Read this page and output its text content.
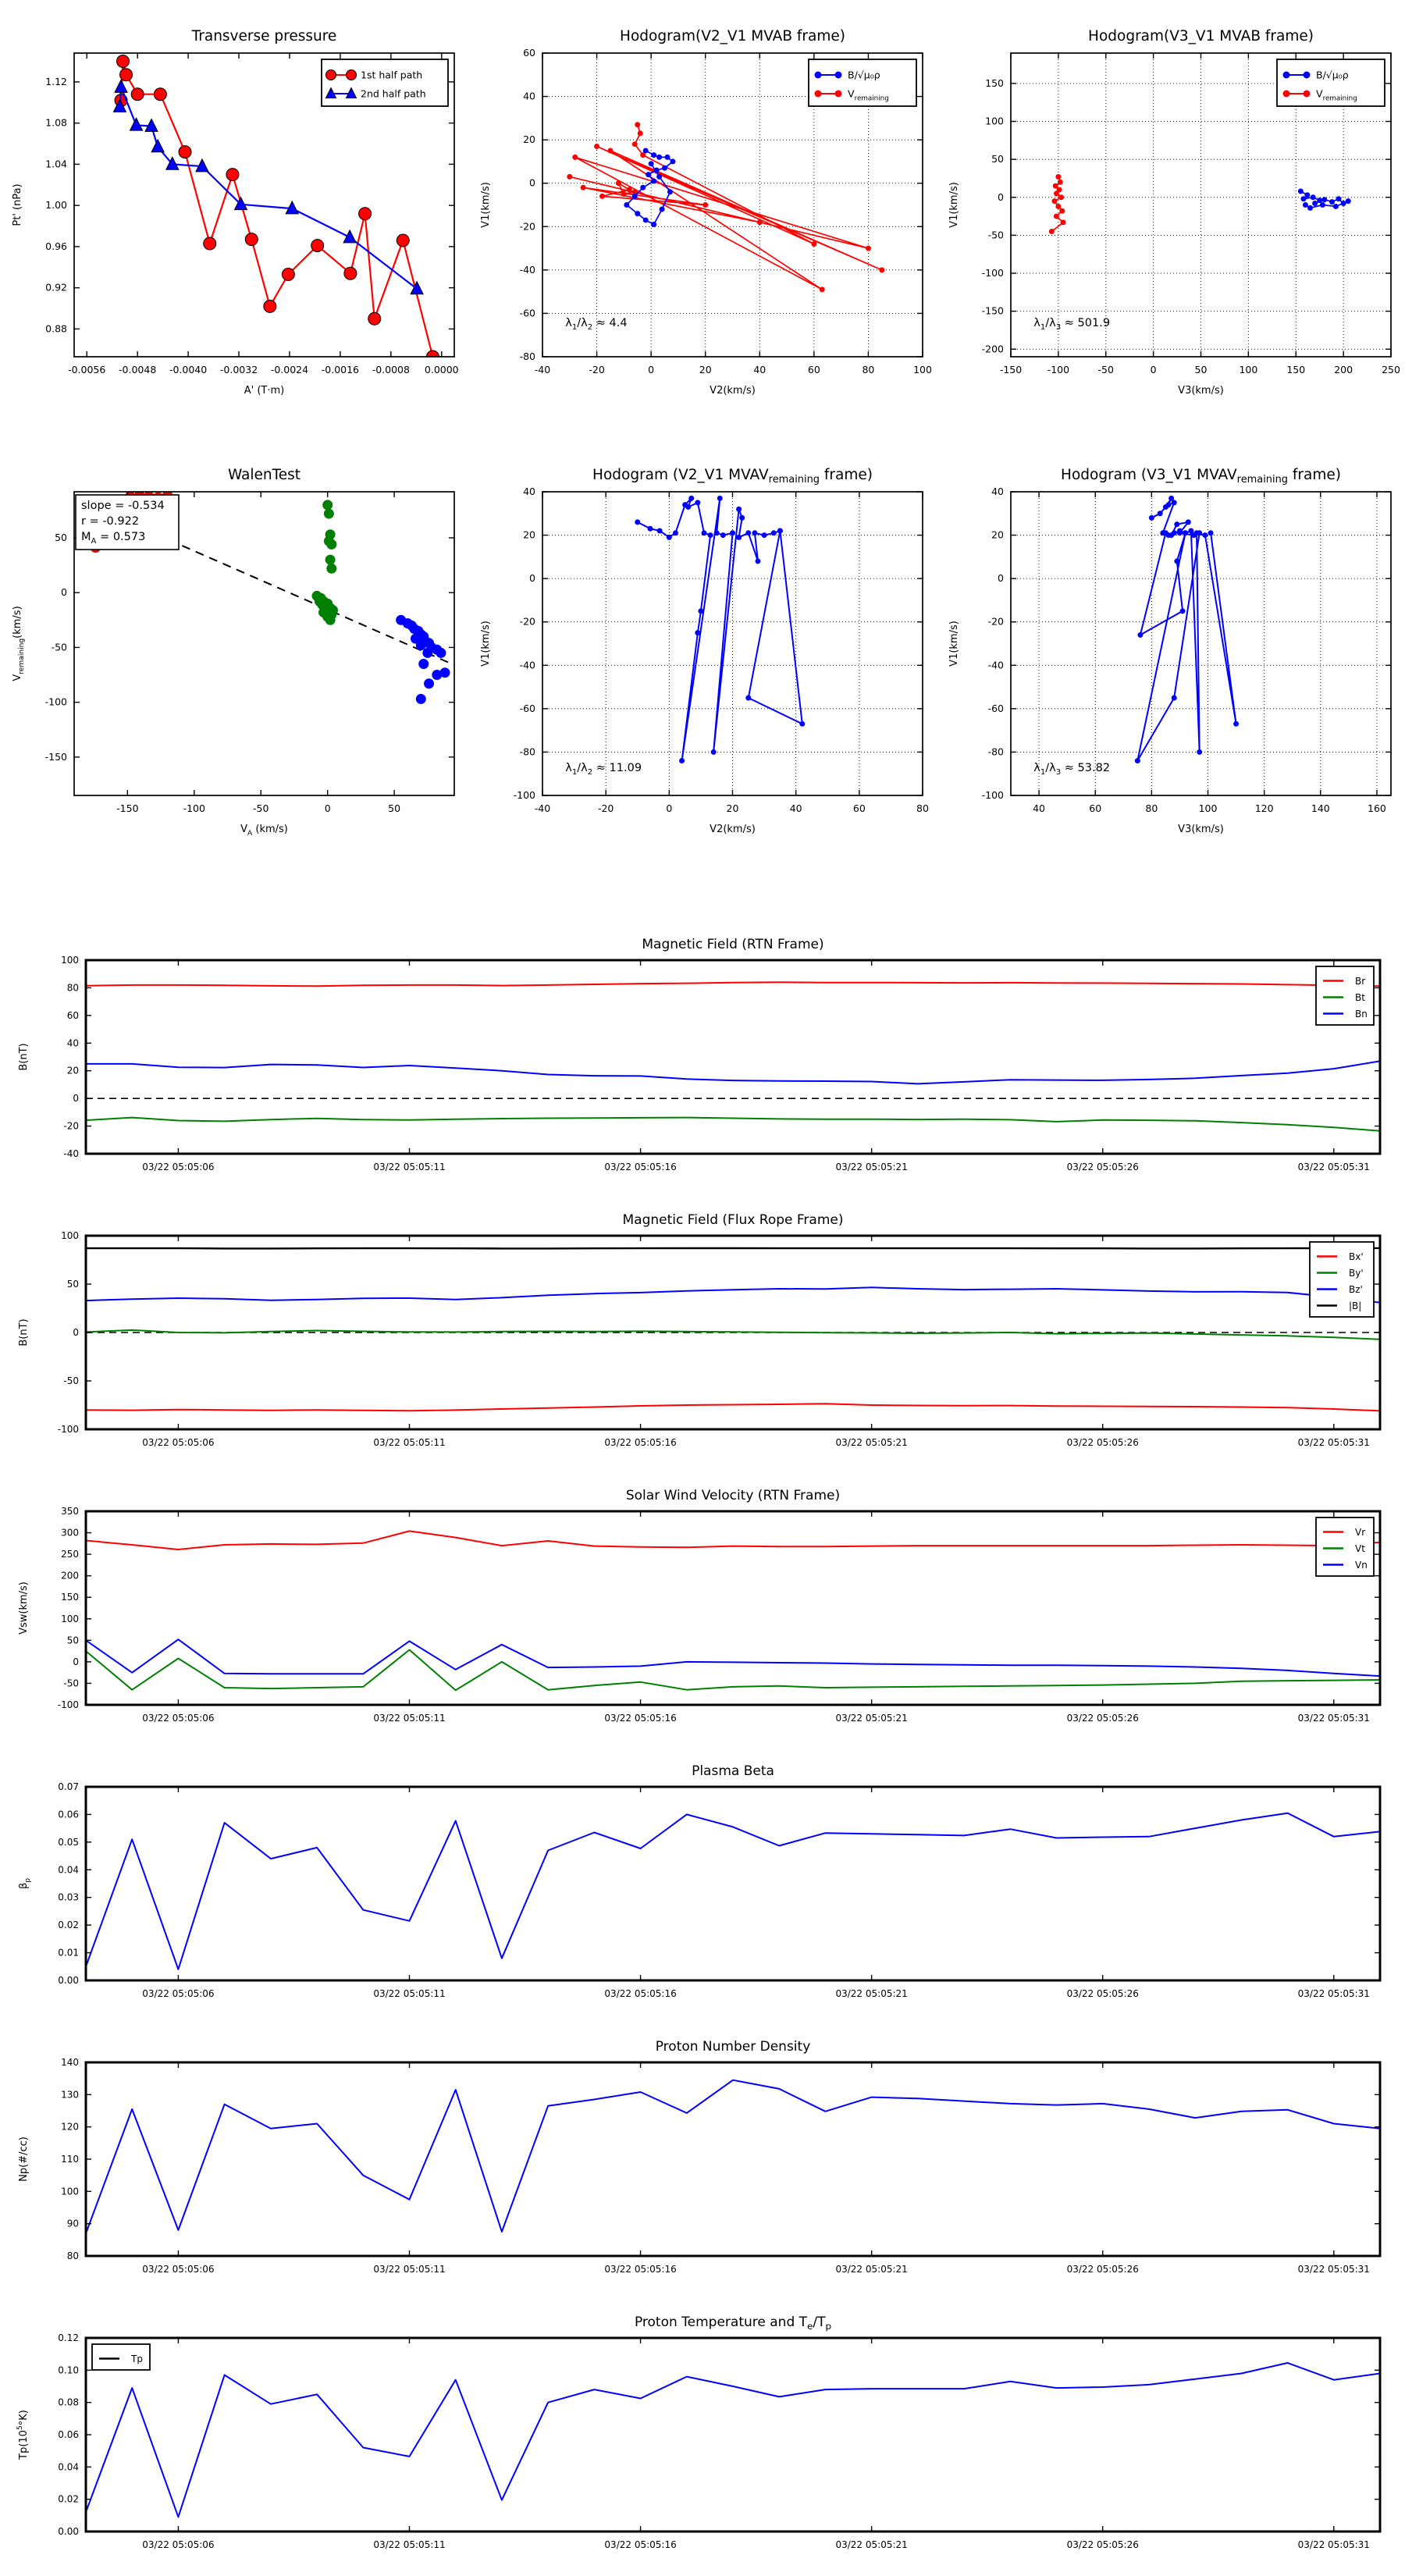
-0.0056 -0.0048 -0.0040 -0.0032 -0.0024 -0.0016 -0.0008 0.0000
0.88
0.92
0.96
1.00
1.04
1.08
1.12
Transverse pressure
A' (T·m)
Pt' (nPa)
1st half path
2nd half path
-40	-20	0	20	40	60	80	100
-80
-60
-40
-20
0
20
40
60
Hodogram(V2_V1 MVAB frame)
V2(km/s)
V1(km/s)
B/√μ₀ρ
$V_{remaining}$
$\lambda_1/\lambda_2 \approx 4.4$
-150	-100	-50	0	50	100	150	200	250
-200
-150
-100
-50
0
50
100
150
Hodogram(V3_V1 MVAB frame)
V3(km/s)
V1(km/s)
B/√μ₀ρ
$V_{remaining}$
$\lambda_1/\lambda_3 \approx 501.9$
-150	-100	-50	0	50
-150
-100
-50
0
50
WalenTest
$V_A$ (km/s)
$V_{remaining}(km/s)$
slope = -0.534
r = -0.922
$M_A = 0.573$
-40	-20	0	20	40	60	80
-100
-80
-60
-40
-20
0
20
40
Hodogram (V2_V1 $MVAV_{remaining}$ frame)
V2(km/s)
V1(km/s)
$\lambda_1/\lambda_2 \approx 11.09$
40	60	80	100	120	140	160
-100
-80
-60
-40
-20
0
20
40
Hodogram (V3_V1 $MVAV_{remaining}$ frame)
V3(km/s)
V1(km/s)
$\lambda_1/\lambda_3 \approx 53.82$
03/22 05:05:06	03/22 05:05:11	03/22 05:05:16	03/22 05:05:21	03/22 05:05:26	03/22 05:05:31
-40
-20
0
20
40
60
80
100
Magnetic Field (RTN Frame)
B(nT)
Br
Bt
Bn
03/22 05:05:06	03/22 05:05:11	03/22 05:05:16	03/22 05:05:21	03/22 05:05:26	03/22 05:05:31
-100
-50
0
50
100
Magnetic Field (Flux Rope Frame)
B(nT)
Bx'
By'
Bz'
|B|
03/22 05:05:06	03/22 05:05:11	03/22 05:05:16	03/22 05:05:21	03/22 05:05:26	03/22 05:05:31
-100
-50
0
50
100
150
200
250
300
350
Solar Wind Velocity (RTN Frame)
Vsw(km/s)
Vr
Vt
Vn
03/22 05:05:06	03/22 05:05:11	03/22 05:05:16	03/22 05:05:21	03/22 05:05:26	03/22 05:05:31
0.00
0.01
0.02
0.03
0.04
0.05
0.06
0.07
Plasma Beta
$\beta_p$
03/22 05:05:06	03/22 05:05:11	03/22 05:05:16	03/22 05:05:21	03/22 05:05:26	03/22 05:05:31
80
90
100
110
120
130
140
Proton Number Density
Np(#/cc)
03/22 05:05:06	03/22 05:05:11	03/22 05:05:16	03/22 05:05:21	03/22 05:05:26	03/22 05:05:31
0.00
0.02
0.04
0.06
0.08
0.10
0.12
Proton Temperature and $T_e/T_p$
$Tp(10^5^\circ K)$
Tp
